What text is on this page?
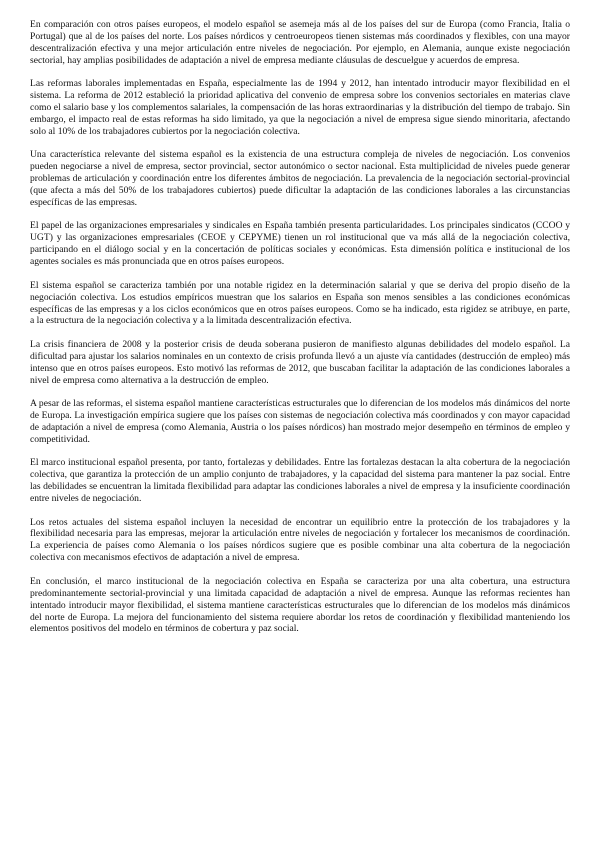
En comparación con otros países europeos, el modelo español se asemeja más al de los países del sur de Europa (como Francia, Italia o Portugal) que al de los países del norte. Los países nórdicos y centroeuropeos tienen sistemas más coordinados y flexibles, con una mayor descentralización efectiva y una mejor articulación entre niveles de negociación. Por ejemplo, en Alemania, aunque existe negociación sectorial, hay amplias posibilidades de adaptación a nivel de empresa mediante cláusulas de descuelgue y acuerdos de empresa.

Las reformas laborales implementadas en España, especialmente las de 1994 y 2012, han intentado introducir mayor flexibilidad en el sistema. La reforma de 2012 estableció la prioridad aplicativa del convenio de empresa sobre los convenios sectoriales en materias clave como el salario base y los complementos salariales, la compensación de las horas extraordinarias y la distribución del tiempo de trabajo. Sin embargo, el impacto real de estas reformas ha sido limitado, ya que la negociación a nivel de empresa sigue siendo minoritaria, afectando solo al 10% de los trabajadores cubiertos por la negociación colectiva.

Una característica relevante del sistema español es la existencia de una estructura compleja de niveles de negociación. Los convenios pueden negociarse a nivel de empresa, sector provincial, sector autonómico o sector nacional. Esta multiplicidad de niveles puede generar problemas de articulación y coordinación entre los diferentes ámbitos de negociación. La prevalencia de la negociación sectorial-provincial (que afecta a más del 50% de los trabajadores cubiertos) puede dificultar la adaptación de las condiciones laborales a las circunstancias específicas de las empresas.

El papel de las organizaciones empresariales y sindicales en España también presenta particularidades. Los principales sindicatos (CCOO y UGT) y las organizaciones empresariales (CEOE y CEPYME) tienen un rol institucional que va más allá de la negociación colectiva, participando en el diálogo social y en la concertación de políticas sociales y económicas. Esta dimensión política e institucional de los agentes sociales es más pronunciada que en otros países europeos.

El sistema español se caracteriza también por una notable rigidez en la determinación salarial y que se deriva del propio diseño de la negociación colectiva. Los estudios empíricos muestran que los salarios en España son menos sensibles a las condiciones económicas específicas de las empresas y a los ciclos económicos que en otros países europeos. Como se ha indicado, esta rigidez se atribuye, en parte, a la estructura de la negociación colectiva y a la limitada descentralización efectiva.

La crisis financiera de 2008 y la posterior crisis de deuda soberana pusieron de manifiesto algunas debilidades del modelo español. La dificultad para ajustar los salarios nominales en un contexto de crisis profunda llevó a un ajuste vía cantidades (destrucción de empleo) más intenso que en otros países europeos. Esto motivó las reformas de 2012, que buscaban facilitar la adaptación de las condiciones laborales a nivel de empresa como alternativa a la destrucción de empleo.

A pesar de las reformas, el sistema español mantiene características estructurales que lo diferencian de los modelos más dinámicos del norte de Europa. La investigación empírica sugiere que los países con sistemas de negociación colectiva más coordinados y con mayor capacidad de adaptación a nivel de empresa (como Alemania, Austria o los países nórdicos) han mostrado mejor desempeño en términos de empleo y competitividad.

El marco institucional español presenta, por tanto, fortalezas y debilidades. Entre las fortalezas destacan la alta cobertura de la negociación colectiva, que garantiza la protección de un amplio conjunto de trabajadores, y la capacidad del sistema para mantener la paz social. Entre las debilidades se encuentran la limitada flexibilidad para adaptar las condiciones laborales a nivel de empresa y la insuficiente coordinación entre niveles de negociación.

Los retos actuales del sistema español incluyen la necesidad de encontrar un equilibrio entre la protección de los trabajadores y la flexibilidad necesaria para las empresas, mejorar la articulación entre niveles de negociación y fortalecer los mecanismos de coordinación. La experiencia de países como Alemania o los países nórdicos sugiere que es posible combinar una alta cobertura de la negociación colectiva con mecanismos efectivos de adaptación a nivel de empresa.

En conclusión, el marco institucional de la negociación colectiva en España se caracteriza por una alta cobertura, una estructura predominantemente sectorial-provincial y una limitada capacidad de adaptación a nivel de empresa. Aunque las reformas recientes han intentado introducir mayor flexibilidad, el sistema mantiene características estructurales que lo diferencian de los modelos más dinámicos del norte de Europa. La mejora del funcionamiento del sistema requiere abordar los retos de coordinación y flexibilidad manteniendo los elementos positivos del modelo en términos de cobertura y paz social.
